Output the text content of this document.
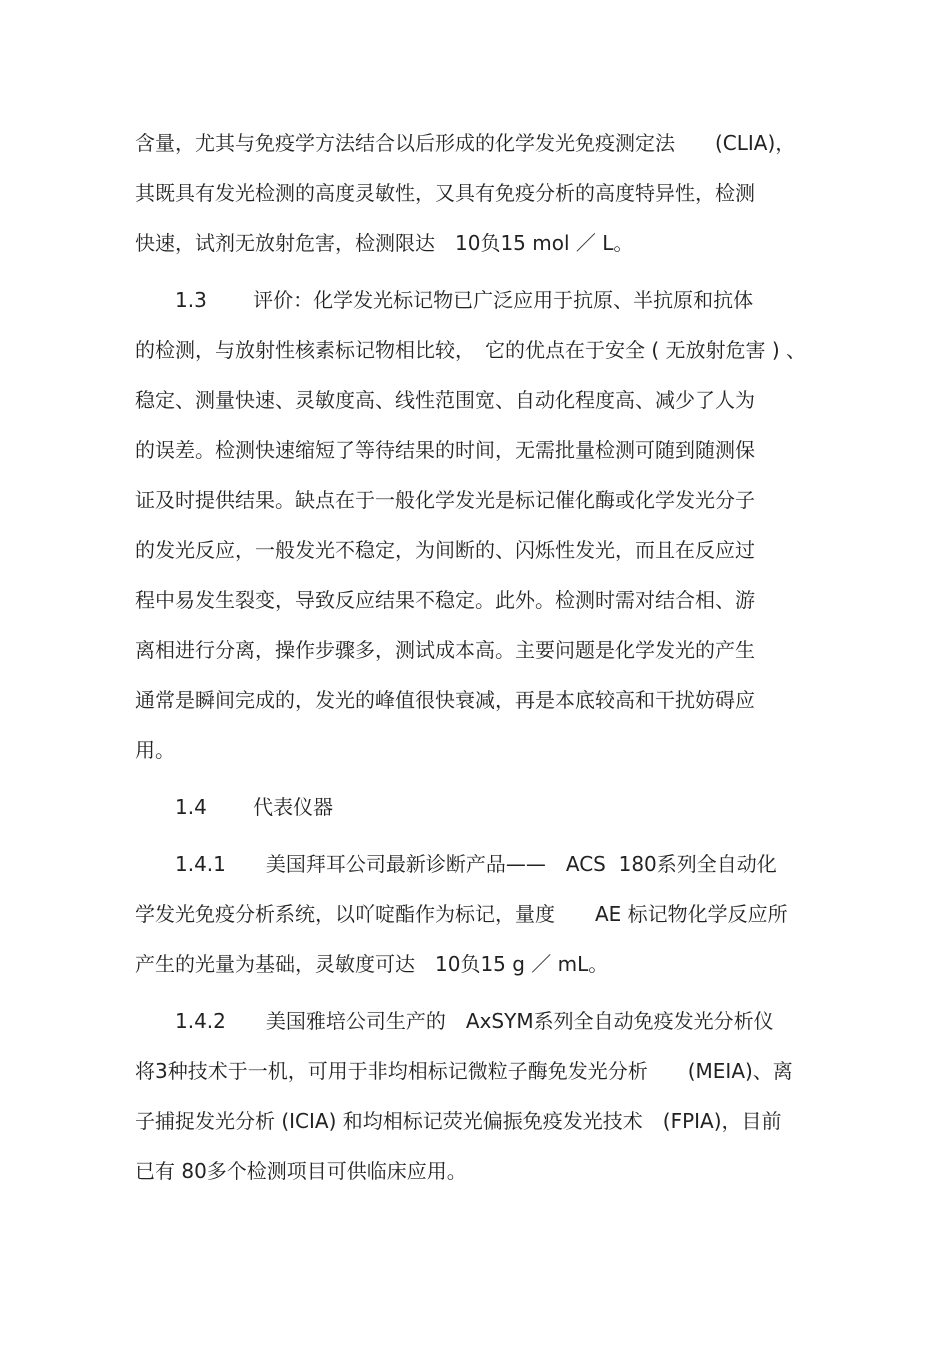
含量，尤其与免疫学方法结合以后形成的化学发光免疫测定法　　(CLIA)，
其既具有发光检测的高度灵敏性，又具有免疫分析的高度特异性，检测
快速，试剂无放射危害，检测限达　10负15 mol ／ L。
1.3　　 评价：化学发光标记物已广泛应用于抗原、半抗原和抗体
的检测，与放射性核素标记物相比较，　它的优点在于安全 ( 无放射危害 ) 、
稳定、测量快速、灵敏度高、线性范围宽、自动化程度高、减少了人为
的误差。检测快速缩短了等待结果的时间，无需批量检测可随到随测保
证及时提供结果。缺点在于一般化学发光是标记催化酶或化学发光分子
的发光反应，一般发光不稳定，为间断的、闪烁性发光，而且在反应过
程中易发生裂变，导致反应结果不稳定。此外。检测时需对结合相、游
离相进行分离，操作步骤多，测试成本高。主要问题是化学发光的产生
通常是瞬间完成的，发光的峰值很快衰减，再是本底较高和干扰妨碍应
用。
1.4　　 代表仪器
1.4.1　　美国拜耳公司最新诊断产品——　ACS  180系列全自动化
学发光免疫分析系统，以吖啶酯作为标记，量度　　AE 标记物化学反应所
产生的光量为基础，灵敏度可达　10负15 g ／ mL。
1.4.2　　美国雅培公司生产的　AxSYM系列全自动免疫发光分析仪
将3种技术于一机，可用于非均相标记微粒子酶免发光分析　　(MEIA)、离
子捕捉发光分析 (ICIA) 和均相标记荧光偏振免疫发光技术　(FPIA)，目前
已有 80多个检测项目可供临床应用。
